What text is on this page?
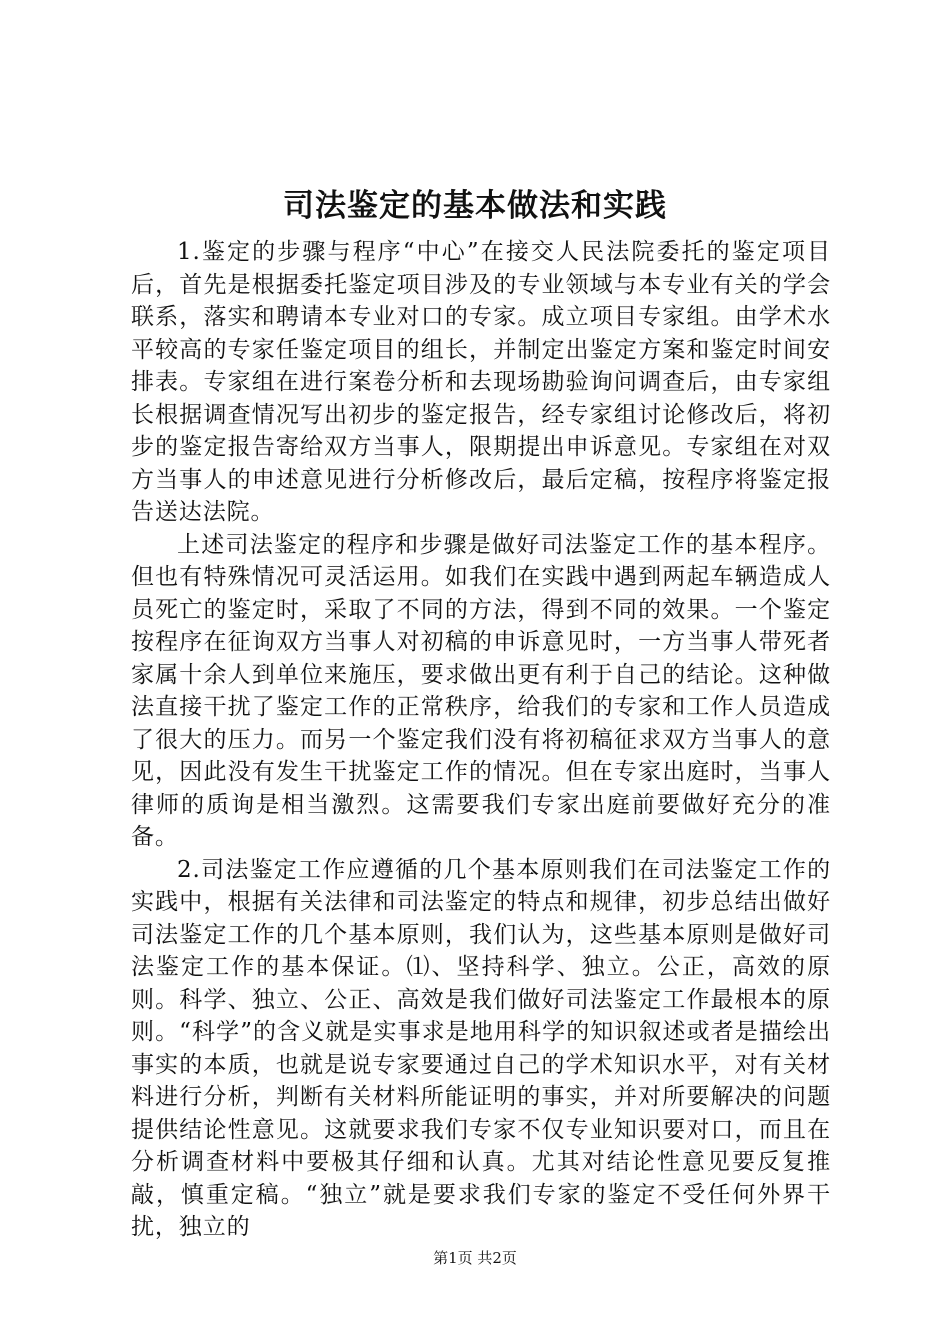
司法鉴定的基本做法和实践

1.鉴定的步骤与程序“中心”在接交人民法院委托的鉴定项目后，首先是根据委托鉴定项目涉及的专业领域与本专业有关的学会联系，落实和聘请本专业对口的专家。成立项目专家组。由学术水平较高的专家任鉴定项目的组长，并制定出鉴定方案和鉴定时间安排表。专家组在进行案卷分析和去现场勘验询问调查后，由专家组长根据调查情况写出初步的鉴定报告，经专家组讨论修改后，将初步的鉴定报告寄给双方当事人，限期提出申诉意见。专家组在对双方当事人的申述意见进行分析修改后，最后定稿，按程序将鉴定报告送达法院。

上述司法鉴定的程序和步骤是做好司法鉴定工作的基本程序。但也有特殊情况可灵活运用。如我们在实践中遇到两起车辆造成人员死亡的鉴定时，采取了不同的方法，得到不同的效果。一个鉴定按程序在征询双方当事人对初稿的申诉意见时，一方当事人带死者家属十余人到单位来施压，要求做出更有利于自己的结论。这种做法直接干扰了鉴定工作的正常秩序，给我们的专家和工作人员造成了很大的压力。而另一个鉴定我们没有将初稿征求双方当事人的意见，因此没有发生干扰鉴定工作的情况。但在专家出庭时，当事人律师的质询是相当激烈。这需要我们专家出庭前要做好充分的准备。

2.司法鉴定工作应遵循的几个基本原则我们在司法鉴定工作的实践中，根据有关法律和司法鉴定的特点和规律，初步总结出做好司法鉴定工作的几个基本原则，我们认为，这些基本原则是做好司法鉴定工作的基本保证。⑴、坚持科学、独立。公正，高效的原则。科学、独立、公正、高效是我们做好司法鉴定工作最根本的原则。“科学”的含义就是实事求是地用科学的知识叙述或者是描绘出事实的本质，也就是说专家要通过自己的学术知识水平，对有关材料进行分析，判断有关材料所能证明的事实，并对所要解决的问题提供结论性意见。这就要求我们专家不仅专业知识要对口，而且在分析调查材料中要极其仔细和认真。尤其对结论性意见要反复推敲，慎重定稿。“独立”就是要求我们专家的鉴定不受任何外界干扰，独立的

第1页 共2页
